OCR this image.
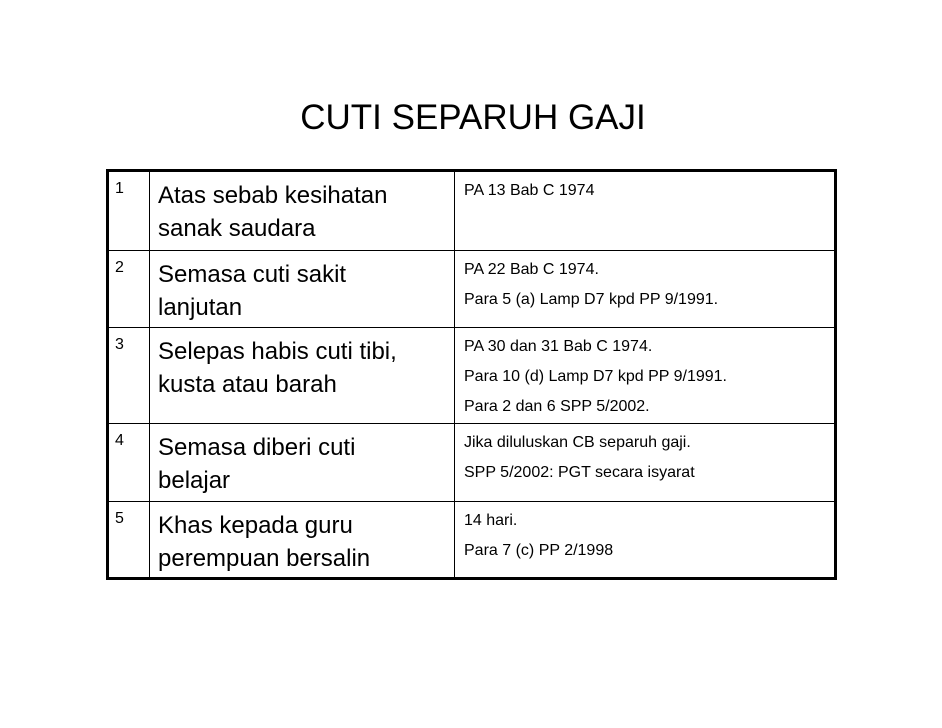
CUTI SEPARUH GAJI
1	Atas sebab kesihatan
sanak saudara	PA 13 Bab C 1974

2	Semasa cuti sakit
lanjutan	PA 22 Bab C 1974.
Para 5 (a) Lamp D7 kpd PP 9/1991.

3	Selepas habis cuti tibi,
kusta atau barah	PA 30 dan 31 Bab C 1974.
Para 10 (d) Lamp D7 kpd PP 9/1991.
Para 2 dan 6 SPP 5/2002.

4	Semasa diberi cuti
belajar	Jika diluluskan CB separuh gaji.
SPP 5/2002: PGT secara isyarat

5	Khas kepada guru
perempuan bersalin	14 hari.
Para 7 (c) PP 2/1998
